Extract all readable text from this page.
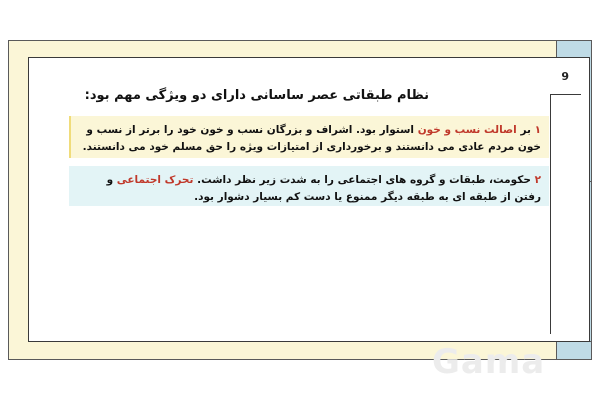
9
نظام طبقاتی عصر ساسانی دارای دو ویژگی مهم بود:
۱ بر اصالت نسب و خون استوار بود. اشراف و بزرگان نسب و خون خود را برتر از نسب و خون مردم عادی می دانستند و برخورداری از امتیازات ویژه را حق مسلم خود می دانستند.
۲ حکومت، طبقات و گروه های اجتماعی را به شدت زیر نظر داشت. تحرک اجتماعی و رفتن از طبقه ای به طبقه دیگر ممنوع یا دست کم بسیار دشوار بود.
Gama
